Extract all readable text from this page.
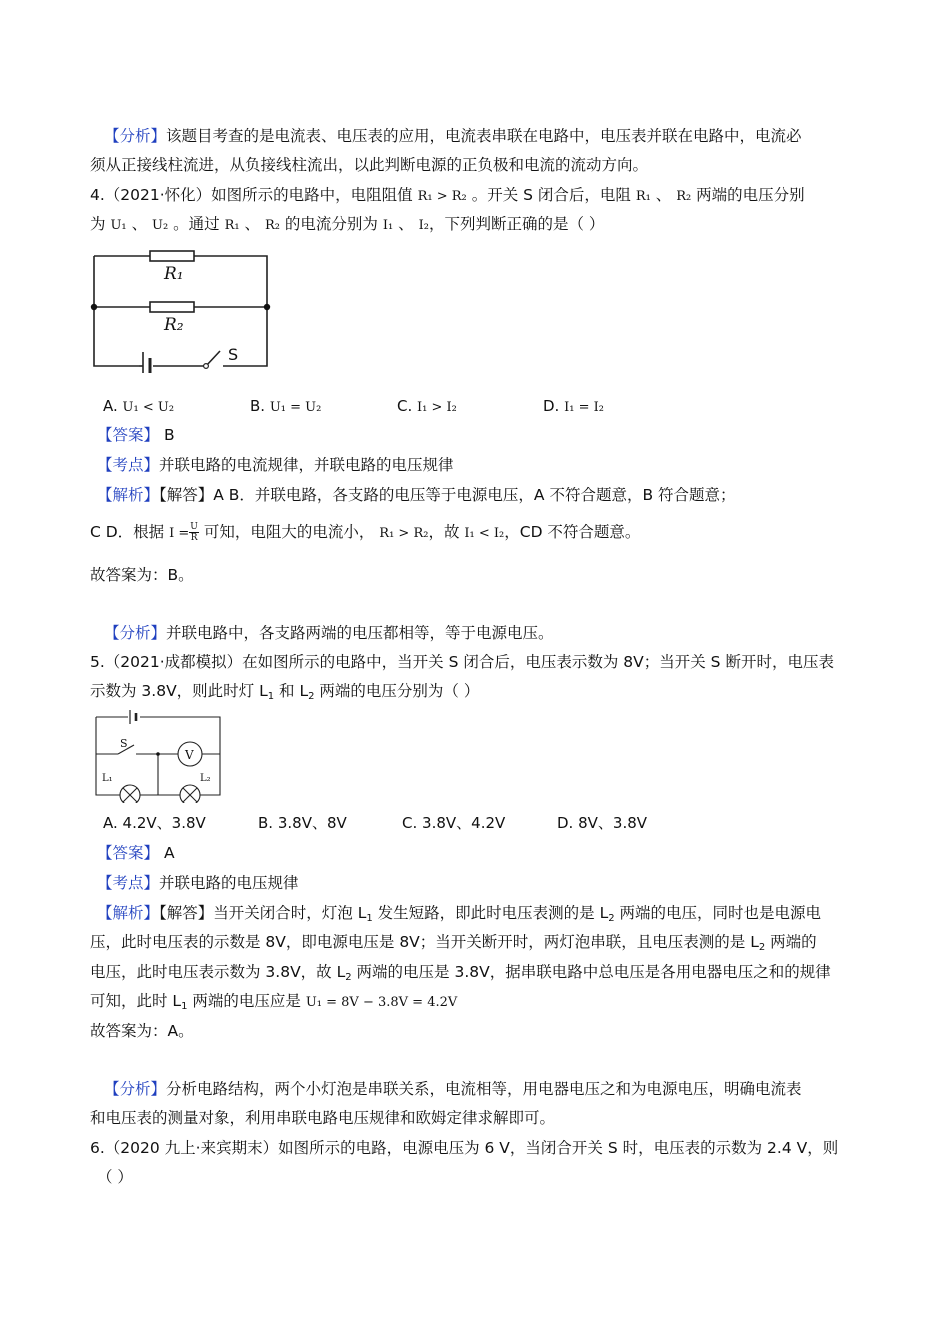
【分析】该题目考查的是电流表、电压表的应用，电流表串联在电路中，电压表并联在电路中，电流必
须从正接线柱流进，从负接线柱流出，以此判断电源的正负极和电流的流动方向。
4.（2021·怀化）如图所示的电路中，电阻阻值 R₁ > R₂ 。开关 S 闭合后，电阻 R₁ 、 R₂ 两端的电压分别
为 U₁ 、 U₂ 。通过 R₁ 、 R₂ 的电流分别为 I₁ 、 I₂，下列判断正确的是（ ）
R₁
R₂
S
A. U₁ < U₂	B. U₁ = U₂	C. I₁ > I₂	D. I₁ = I₂
【答案】 B
【考点】并联电路的电流规律，并联电路的电压规律
【解析】【解答】A B．并联电路，各支路的电压等于电源电压，A 不符合题意，B 符合题意；
C D．根据 $I = \frac{U}{R}$ 可知，电阻大的电流小， R₁ > R₂，故 I₁ < I₂，CD 不符合题意。
故答案为：B。
【分析】并联电路中，各支路两端的电压都相等，等于电源电压。
5.（2021·成都模拟）在如图所示的电路中，当开关 S 闭合后，电压表示数为 8V；当开关 S 断开时，电压表
示数为 3.8V，则此时灯 $L_1$ 和 $L_2$ 两端的电压分别为（ ）
S
V
L₁	L₂
A. 4.2V、3.8V	B. 3.8V、8V	C. 3.8V、4.2V	D. 8V、3.8V
【答案】 A
【考点】并联电路的电压规律
【解析】【解答】当开关闭合时，灯泡 $L_1$ 发生短路，即此时电压表测的是 $L_2$ 两端的电压，同时也是电源电
压，此时电压表的示数是 8V，即电源电压是 8V；当开关断开时，两灯泡串联，且电压表测的是 $L_2$ 两端的
电压，此时电压表示数为 3.8V，故 $L_2$ 两端的电压是 3.8V，据串联电路中总电压是各用电器电压之和的规律
可知，此时 $L_1$ 两端的电压应是 U₁ = 8V − 3.8V = 4.2V
故答案为：A。
【分析】分析电路结构，两个小灯泡是串联关系，电流相等，用电器电压之和为电源电压，明确电流表
和电压表的测量对象，利用串联电路电压规律和欧姆定律求解即可。
6.（2020 九上·来宾期末）如图所示的电路，电源电压为 6 V，当闭合开关 S 时，电压表的示数为 2.4 V，则
（ ）
